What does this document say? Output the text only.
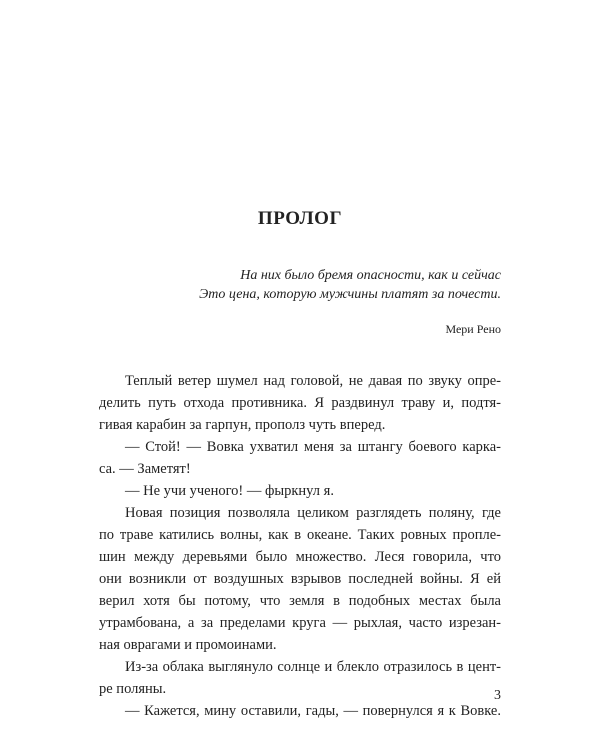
ПРОЛОГ
На них было бремя опасности, как и сейчас
Это цена, которую мужчины платят за почести.
Мери Рено
Теплый ветер шумел над головой, не давая по звуку опре-
делить путь отхода противника. Я раздвинул траву и, подтя-
гивая карабин за гарпун, прополз чуть вперед.
— Стой! — Вовка ухватил меня за штангу боевого карка-
са. — Заметят!
— Не учи ученого! — фыркнул я.
Новая позиция позволяла целиком разглядеть поляну, где
по траве катились волны, как в океане. Таких ровных пропле-
шин между деревьями было множество. Леся говорила, что
они возникли от воздушных взрывов последней войны. Я ей
верил хотя бы потому, что земля в подобных местах была
утрамбована, а за пределами круга — рыхлая, часто изрезан-
ная оврагами и промоинами.
Из-за облака выглянуло солнце и блекло отразилось в цент-
ре поляны.
— Кажется, мину оставили, гады, — повернулся я к Вовке.
3
